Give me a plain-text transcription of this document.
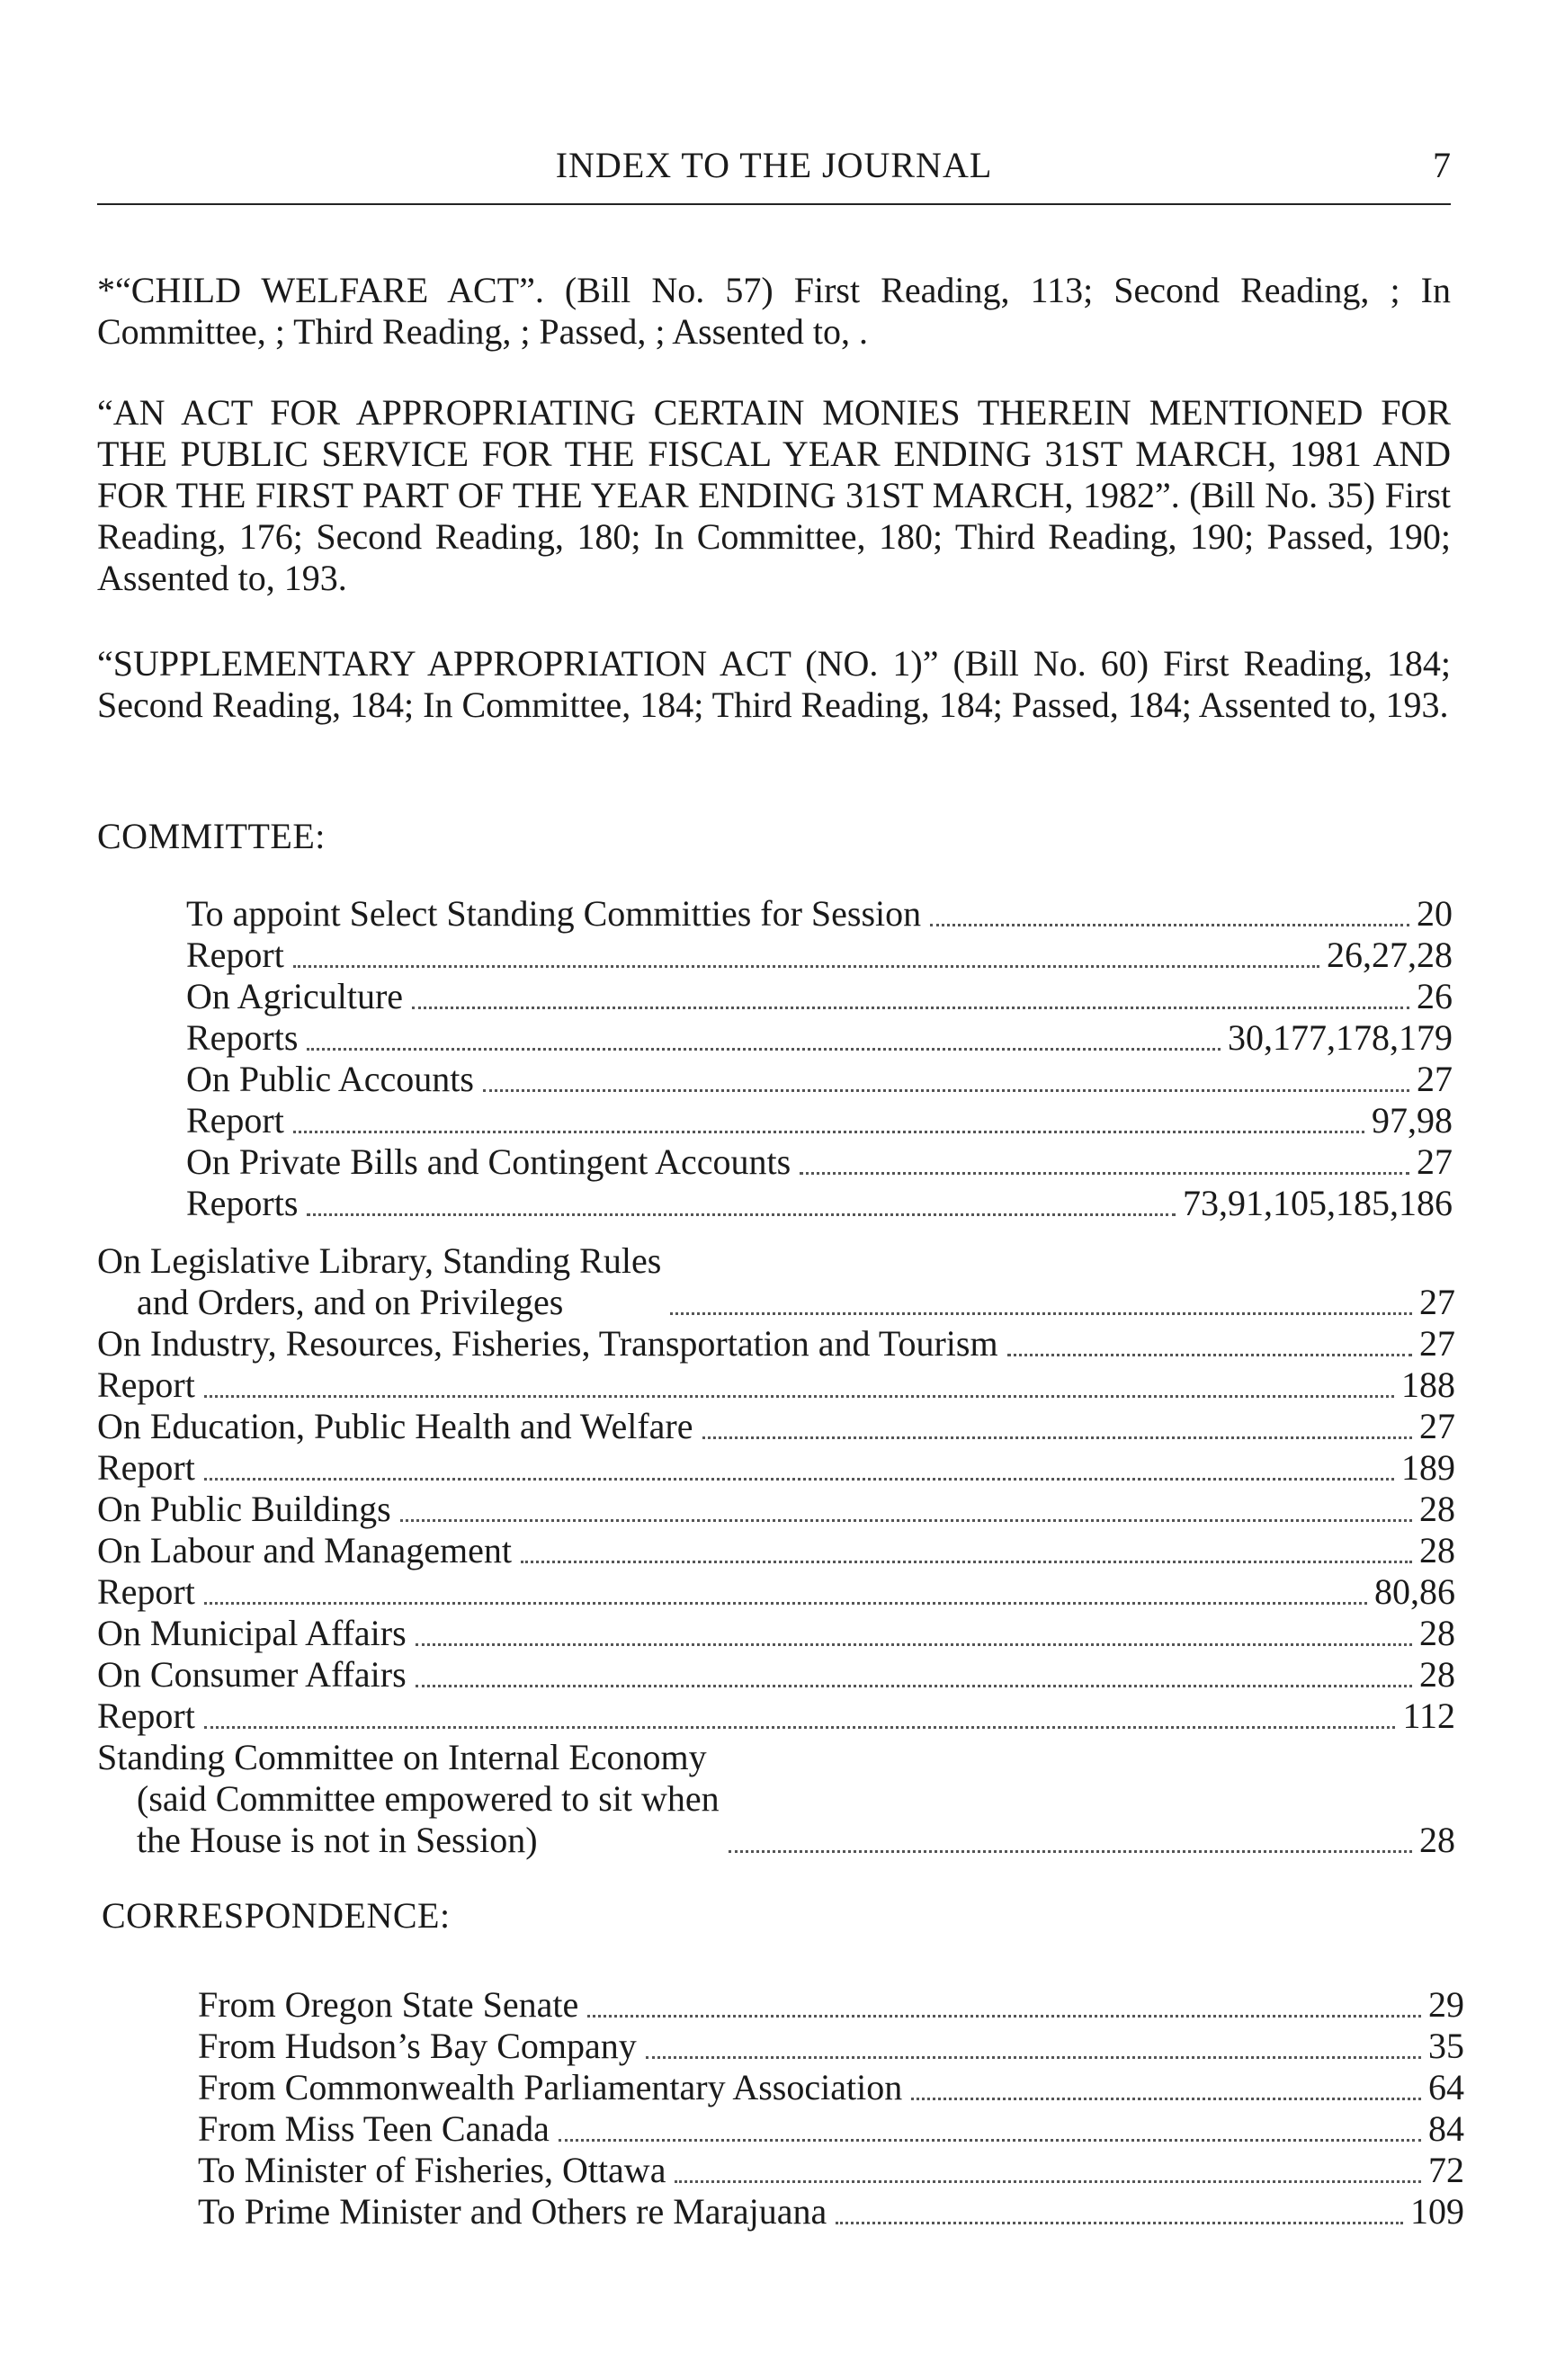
INDEX TO THE JOURNAL	7

*“CHILD WELFARE ACT”. (Bill No. 57) First Reading, 113; Second Reading, ; In Committee, ; Third Reading, ; Passed, ; Assented to, .

“AN ACT FOR APPROPRIATING CERTAIN MONIES THEREIN MENTIONED FOR THE PUBLIC SERVICE FOR THE FISCAL YEAR ENDING 31ST MARCH, 1981 AND FOR THE FIRST PART OF THE YEAR ENDING 31ST MARCH, 1982”. (Bill No. 35) First Reading, 176; Second Reading, 180; In Committee, 180; Third Reading, 190; Passed, 190; Assented to, 193.

“SUPPLEMENTARY APPROPRIATION ACT (NO. 1)” (Bill No. 60) First Reading, 184; Second Reading, 184; In Committee, 184; Third Reading, 184; Passed, 184; Assented to, 193.

COMMITTEE:
To appoint Select Standing Committies for Session	20
Report	26,27,28
On Agriculture	26
Reports	30,177,178,179
On Public Accounts	27
Report	97,98
On Private Bills and Contingent Accounts	27
Reports	73,91,105,185,186
On Legislative Library, Standing Rules
and Orders, and on Privileges	27
On Industry, Resources, Fisheries, Transportation and Tourism	27
Report	188
On Education, Public Health and Welfare	27
Report	189
On Public Buildings	28
On Labour and Management	28
Report	80,86
On Municipal Affairs	28
On Consumer Affairs	28
Report	112
Standing Committee on Internal Economy
(said Committee empowered to sit when
the House is not in Session)	28
CORRESPONDENCE:
From Oregon State Senate	29
From Hudson’s Bay Company	35
From Commonwealth Parliamentary Association	64
From Miss Teen Canada	84
To Minister of Fisheries, Ottawa	72
To Prime Minister and Others re Marajuana	109
